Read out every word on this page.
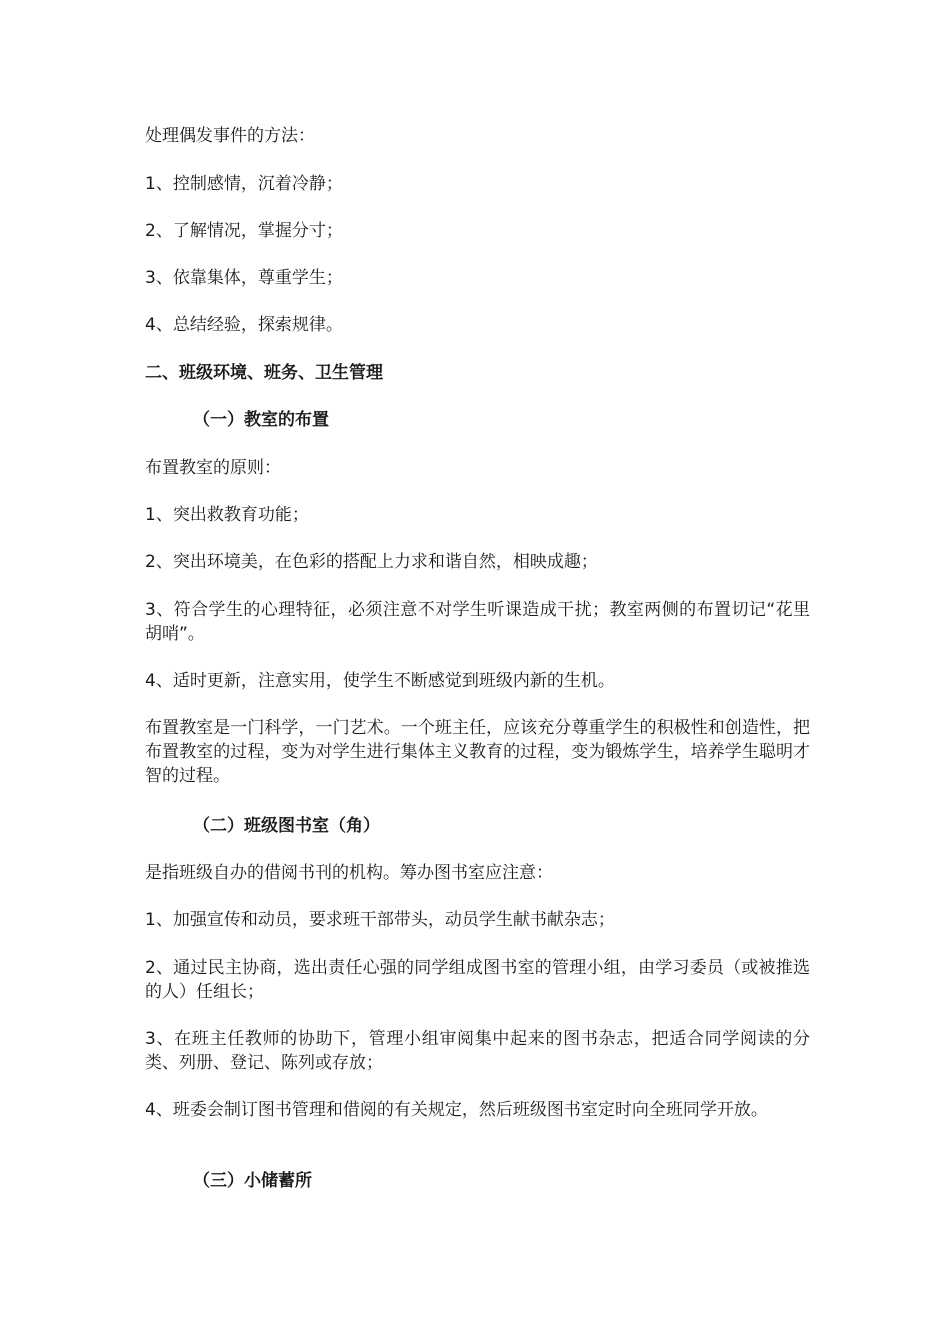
处理偶发事件的方法：

1、控制感情，沉着冷静；

2、了解情况，掌握分寸；

3、依靠集体，尊重学生；

4、总结经验，探索规律。

二、班级环境、班务、卫生管理

（一）教室的布置

布置教室的原则：

1、突出救教育功能；

2、突出环境美，在色彩的搭配上力求和谐自然，相映成趣；

3、符合学生的心理特征，必须注意不对学生听课造成干扰；教室两侧的布置切记“花里胡哨”。

4、适时更新，注意实用，使学生不断感觉到班级内新的生机。

布置教室是一门科学，一门艺术。一个班主任，应该充分尊重学生的积极性和创造性，把布置教室的过程，变为对学生进行集体主义教育的过程，变为锻炼学生，培养学生聪明才智的过程。

（二）班级图书室（角）

是指班级自办的借阅书刊的机构。筹办图书室应注意：

1、加强宣传和动员，要求班干部带头，动员学生献书献杂志；

2、通过民主协商，选出责任心强的同学组成图书室的管理小组，由学习委员（或被推选的人）任组长；

3、在班主任教师的协助下，管理小组审阅集中起来的图书杂志，把适合同学阅读的分类、列册、登记、陈列或存放；

4、班委会制订图书管理和借阅的有关规定，然后班级图书室定时向全班同学开放。

（三）小储蓄所
